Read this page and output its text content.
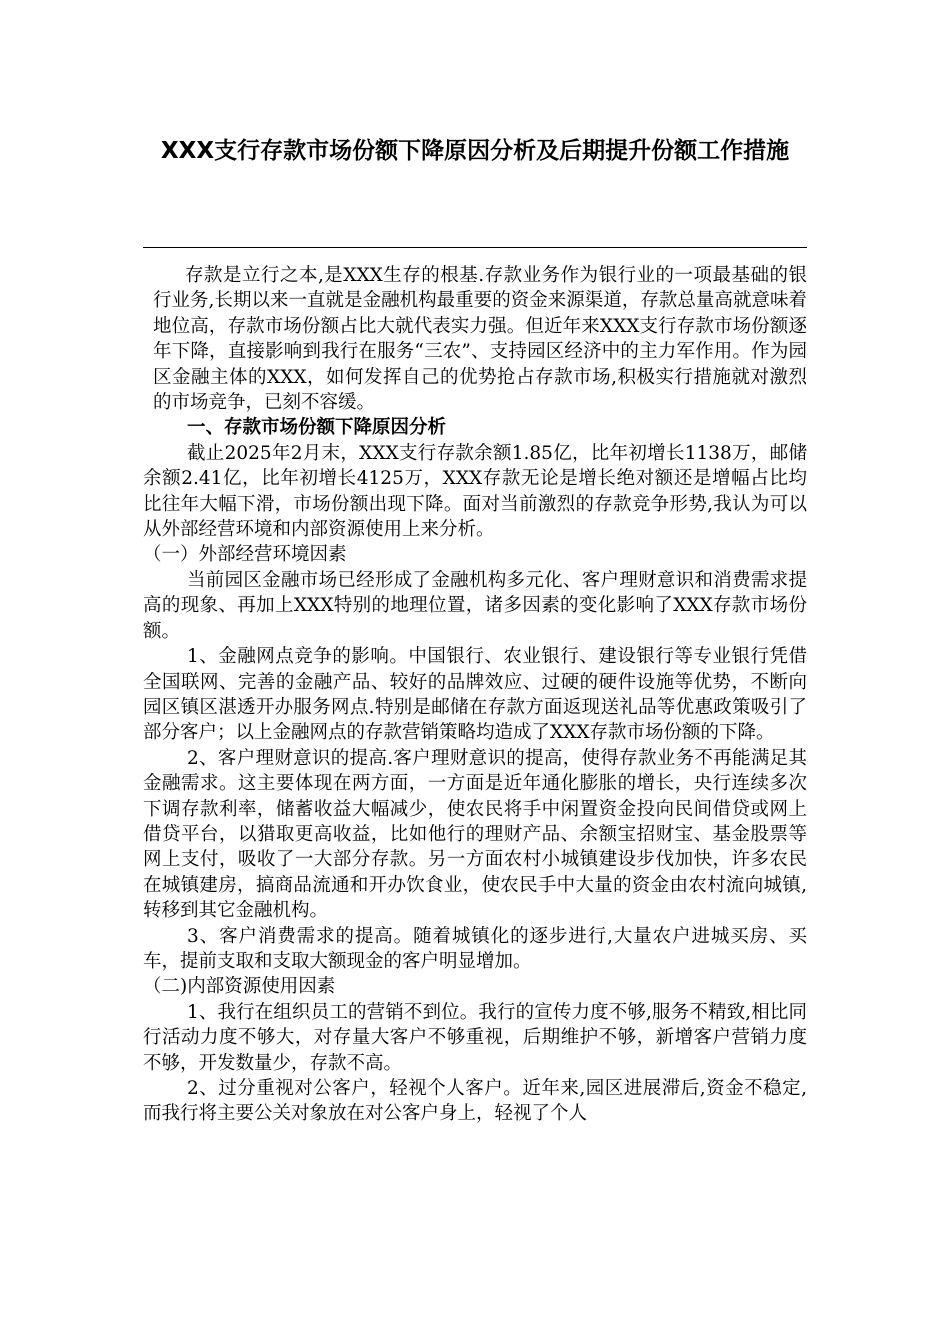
XXX支行存款市场份额下降原因分析及后期提升份额工作措施

存款是立行之本,是XXX生存的根基.存款业务作为银行业的一项最基础的银行业务,长期以来一直就是金融机构最重要的资金来源渠道，存款总量高就意味着地位高，存款市场份额占比大就代表实力强。但近年来XXX支行存款市场份额逐年下降，直接影响到我行在服务“三农”、支持园区经济中的主力军作用。作为园区金融主体的XXX，如何发挥自己的优势抢占存款市场,积极实行措施就对激烈的市场竞争，已刻不容缓。

一、存款市场份额下降原因分析

截止2025年2月末，XXX支行存款余额1.85亿，比年初增长1138万，邮储余额2.41亿，比年初增长4125万，XXX存款无论是增长绝对额还是增幅占比均比往年大幅下滑，市场份额出现下降。面对当前激烈的存款竞争形势,我认为可以从外部经营环境和内部资源使用上来分析。

（一）外部经营环境因素

当前园区金融市场已经形成了金融机构多元化、客户理财意识和消费需求提高的现象、再加上XXX特别的地理位置，诸多因素的变化影响了XXX存款市场份额。

1、金融网点竞争的影响。中国银行、农业银行、建设银行等专业银行凭借全国联网、完善的金融产品、较好的品牌效应、过硬的硬件设施等优势，不断向园区镇区湛透开办服务网点.特别是邮储在存款方面返现送礼品等优惠政策吸引了部分客户；以上金融网点的存款营销策略均造成了XXX存款市场份额的下降。

2、客户理财意识的提高.客户理财意识的提高，使得存款业务不再能满足其金融需求。这主要体现在两方面，一方面是近年通化膨胀的增长，央行连续多次下调存款利率，储蓄收益大幅减少，使农民将手中闲置资金投向民间借贷或网上借贷平台，以猎取更高收益，比如他行的理财产品、余额宝招财宝、基金股票等网上支付，吸收了一大部分存款。另一方面农村小城镇建设步伐加快，许多农民在城镇建房，搞商品流通和开办饮食业，使农民手中大量的资金由农村流向城镇,转移到其它金融机构。

3、客户消费需求的提高。随着城镇化的逐步进行,大量农户进城买房、买车，提前支取和支取大额现金的客户明显增加。

（二)内部资源使用因素

1、我行在组织员工的营销不到位。我行的宣传力度不够,服务不精致,相比同行活动力度不够大，对存量大客户不够重视，后期维护不够，新增客户营销力度不够，开发数量少，存款不高。

2、过分重视对公客户，轻视个人客户。近年来,园区进展滞后,资金不稳定,而我行将主要公关对象放在对公客户身上，轻视了个人
